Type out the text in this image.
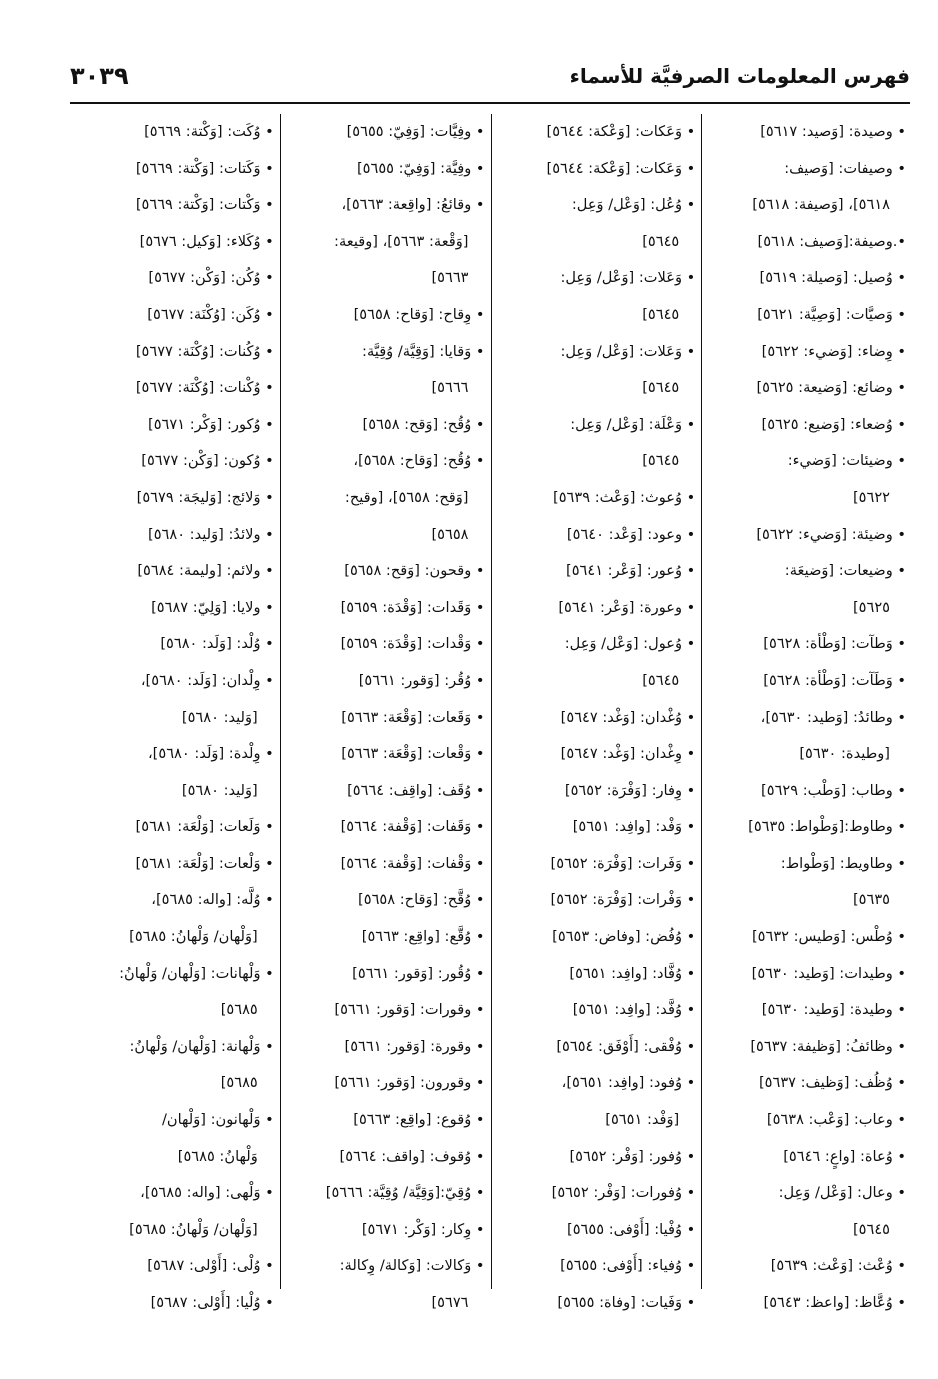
فهرس المعلومات الصرفيَّة للأسماء
٣٠٣٩
• وصيدة: [وَصيد: ٥٦١٧]
• وصيفات: [وَصيف:
٥٦١٨]، [وَصيفة: ٥٦١٨]
•.وصيفة:[وَصيف: ٥٦١٨]
• وُصيل: [وَصيلة: ٥٦١٩]
• وَصيَّات: [وَصِيَّة: ٥٦٢١]
• وِضاء: [وَضيء: ٥٦٢٢]
• وضائع: [وَضيعة: ٥٦٢٥]
• وُضعاء: [وَضيع: ٥٦٢٥]
• وضيئات: [وَضيء:
٥٦٢٢]
• وضيئة: [وَضيء: ٥٦٢٢]
• وضيعات: [وَضيعَة:
٥٦٢٥]
• وَطآت: [وَطْأة: ٥٦٢٨]
• وَطَآت: [وَطْأة: ٥٦٢٨]
• وطائدُ: [وَطيد: ٥٦٣٠]،
[وطيدة: ٥٦٣٠]
• وطاب: [وَطْب: ٥٦٢٩]
• وطاوط:[وَطْواط: ٥٦٣٥]
• وطاويط: [وَطْواط:
٥٦٣٥]
• وُطْس: [وَطيس: ٥٦٣٢]
• وطيدات: [وَطيد: ٥٦٣٠]
• وطيدة: [وَطيد: ٥٦٣٠]
• وظائفُ: [وَظيفة: ٥٦٣٧]
• وُظُف: [وَظيف: ٥٦٣٧]
• وعاب: [وَعْب: ٥٦٣٨]
• وُعاة: [واعٍ: ٥٦٤٦]
• وعال: [وَعْل/ وَعِل:
٥٦٤٥]
• وُعْث: [وَعْث: ٥٦٣٩]
• وُعَّاظ: [واعظ: ٥٦٤٣]
• وَعَكات: [وَعْكة: ٥٦٤٤]
• وَعَكات: [وَعْكة: ٥٦٤٤]
• وُعُل: [وَعْل/ وَعِل:
٥٦٤٥]
• وَعَلات: [وَعْل/ وَعِل:
٥٦٤٥]
• وَعَلات: [وَعْل/ وَعِل:
٥٦٤٥]
• وَعْلَة: [وَعْل/ وَعِل:
٥٦٤٥]
• وُعوث: [وَعْث: ٥٦٣٩]
• وعود: [وَعْد: ٥٦٤٠]
• وُعور: [وَعْر: ٥٦٤١]
• وعورة: [وَعْر: ٥٦٤١]
• وُعول: [وَعْل/ وَعِل:
٥٦٤٥]
• وُغْدان: [وَغْد: ٥٦٤٧]
• وِغْدان: [وَغْد: ٥٦٤٧]
• وِفار: [وَفْرَة: ٥٦٥٢]
• وَفْد: [وافِد: ٥٦٥١]
• وَفَرات: [وَفْرَة: ٥٦٥٢]
• وَفْرات: [وَفْرَة: ٥٦٥٢]
• وُفُض: [وفاض: ٥٦٥٣]
• وُفَّاد: [وافِد: ٥٦٥١]
• وُفَّد: [وافِد: ٥٦٥١]
• وُفْقى: [أَوْفَق: ٥٦٥٤]
• وُفود: [وافِد: ٥٦٥١]،
[وَفْد: ٥٦٥١]
• وُفور: [وَفْر: ٥٦٥٢]
• وُفورات: [وَفْر: ٥٦٥٢]
• وُفْيا: [أَوْفى: ٥٦٥٥]
• وُفياء: [أَوْفى: ٥٦٥٥]
• وَفَيات: [وفاة: ٥٦٥٥]
• وفِيَّات: [وَفِيّ: ٥٦٥٥]
• وفِيَّة: [وَفِيّ: ٥٦٥٥]
• وقائعُ: [واقِعة: ٥٦٦٣]،
[وَقْعة: ٥٦٦٣]، [وقيعة:
٥٦٦٣]
• وِقاح: [وَقاح: ٥٦٥٨]
• وَقايا: [وَقِيَّة/ وُقِيَّة:
٥٦٦٦]
• وُقُح: [وَقح: ٥٦٥٨]
• وُقُح: [وَقاح: ٥٦٥٨]،
[وَقح: ٥٦٥٨]، [وقيح:
٥٦٥٨]
• وقحون: [وَقح: ٥٦٥٨]
• وَقَدات: [وَقْدَة: ٥٦٥٩]
• وَقْدات: [وَقْدَة: ٥٦٥٩]
• وُقُر: [وَقور: ٥٦٦١]
• وَقَعات: [وَقْعَة: ٥٦٦٣]
• وَقْعات: [وَقْعَة: ٥٦٦٣]
• وُقَف: [واقِف: ٥٦٦٤]
• وَقَفات: [وَقْفة: ٥٦٦٤]
• وَقْفات: [وَقْفة: ٥٦٦٤]
• وُقَّح: [وَقاح: ٥٦٥٨]
• وُقَّع: [واقِع: ٥٦٦٣]
• وُقُور: [وَقور: ٥٦٦١]
• وقورات: [وَقور: ٥٦٦١]
• وقورة: [وَقور: ٥٦٦١]
• وقورون: [وَقور: ٥٦٦١]
• وُقوع: [واقِع: ٥٦٦٣]
• وُقوف: [واقف: ٥٦٦٤]
• وُقِيّ:[وَقِيَّة/ وُقِيَّة: ٥٦٦٦]
• وِكار: [وَكْر: ٥٦٧١]
• وَكالات: [وَكالة/ وِكالة:
٥٦٧٦]
• وُكَت: [وَكْتة: ٥٦٦٩]
• وَكَتات: [وَكْتة: ٥٦٦٩]
• وَكْتات: [وَكْتة: ٥٦٦٩]
• وُكَلاء: [وَكيل: ٥٦٧٦]
• وُكُن: [وَكْن: ٥٦٧٧]
• وُكَن: [وُكْنَة: ٥٦٧٧]
• وُكُنات: [وُكْنَة: ٥٦٧٧]
• وُكْنات: [وُكْنَة: ٥٦٧٧]
• وُكور: [وَكْر: ٥٦٧١]
• وُكون: [وَكْن: ٥٦٧٧]
• وَلائج: [وَليجَة: ٥٦٧٩]
• ولائدُ: [وَليد: ٥٦٨٠]
• ولائم: [وليمة: ٥٦٨٤]
• ولايا: [وَلِيّ: ٥٦٨٧]
• وُلْد: [وَلَد: ٥٦٨٠]
• وِلْدان: [وَلَد: ٥٦٨٠]،
[وَليد: ٥٦٨٠]
• وِلْدة: [وَلَد: ٥٦٨٠]،
[وَليد: ٥٦٨٠]
• وَلَعات: [وَلْعَة: ٥٦٨١]
• وَلْعات: [وَلْعَة: ٥٦٨١]
• وُلَّه: [واله: ٥٦٨٥]،
[وَلْهان/ وَلْهانُ: ٥٦٨٥]
• وَلْهانات: [وَلْهان/ وَلْهانُ:
٥٦٨٥]
• وَلْهانة: [وَلْهان/ وَلْهانُ:
٥٦٨٥]
• وَلْهانون: [وَلْهان/
وَلْهانُ: ٥٦٨٥]
• وَلْهى: [واله: ٥٦٨٥]،
[وَلْهان/ وَلْهانُ: ٥٦٨٥]
• وُلْى: [أَوْلى: ٥٦٨٧]
• وُلْيا: [أَوْلى: ٥٦٨٧]
